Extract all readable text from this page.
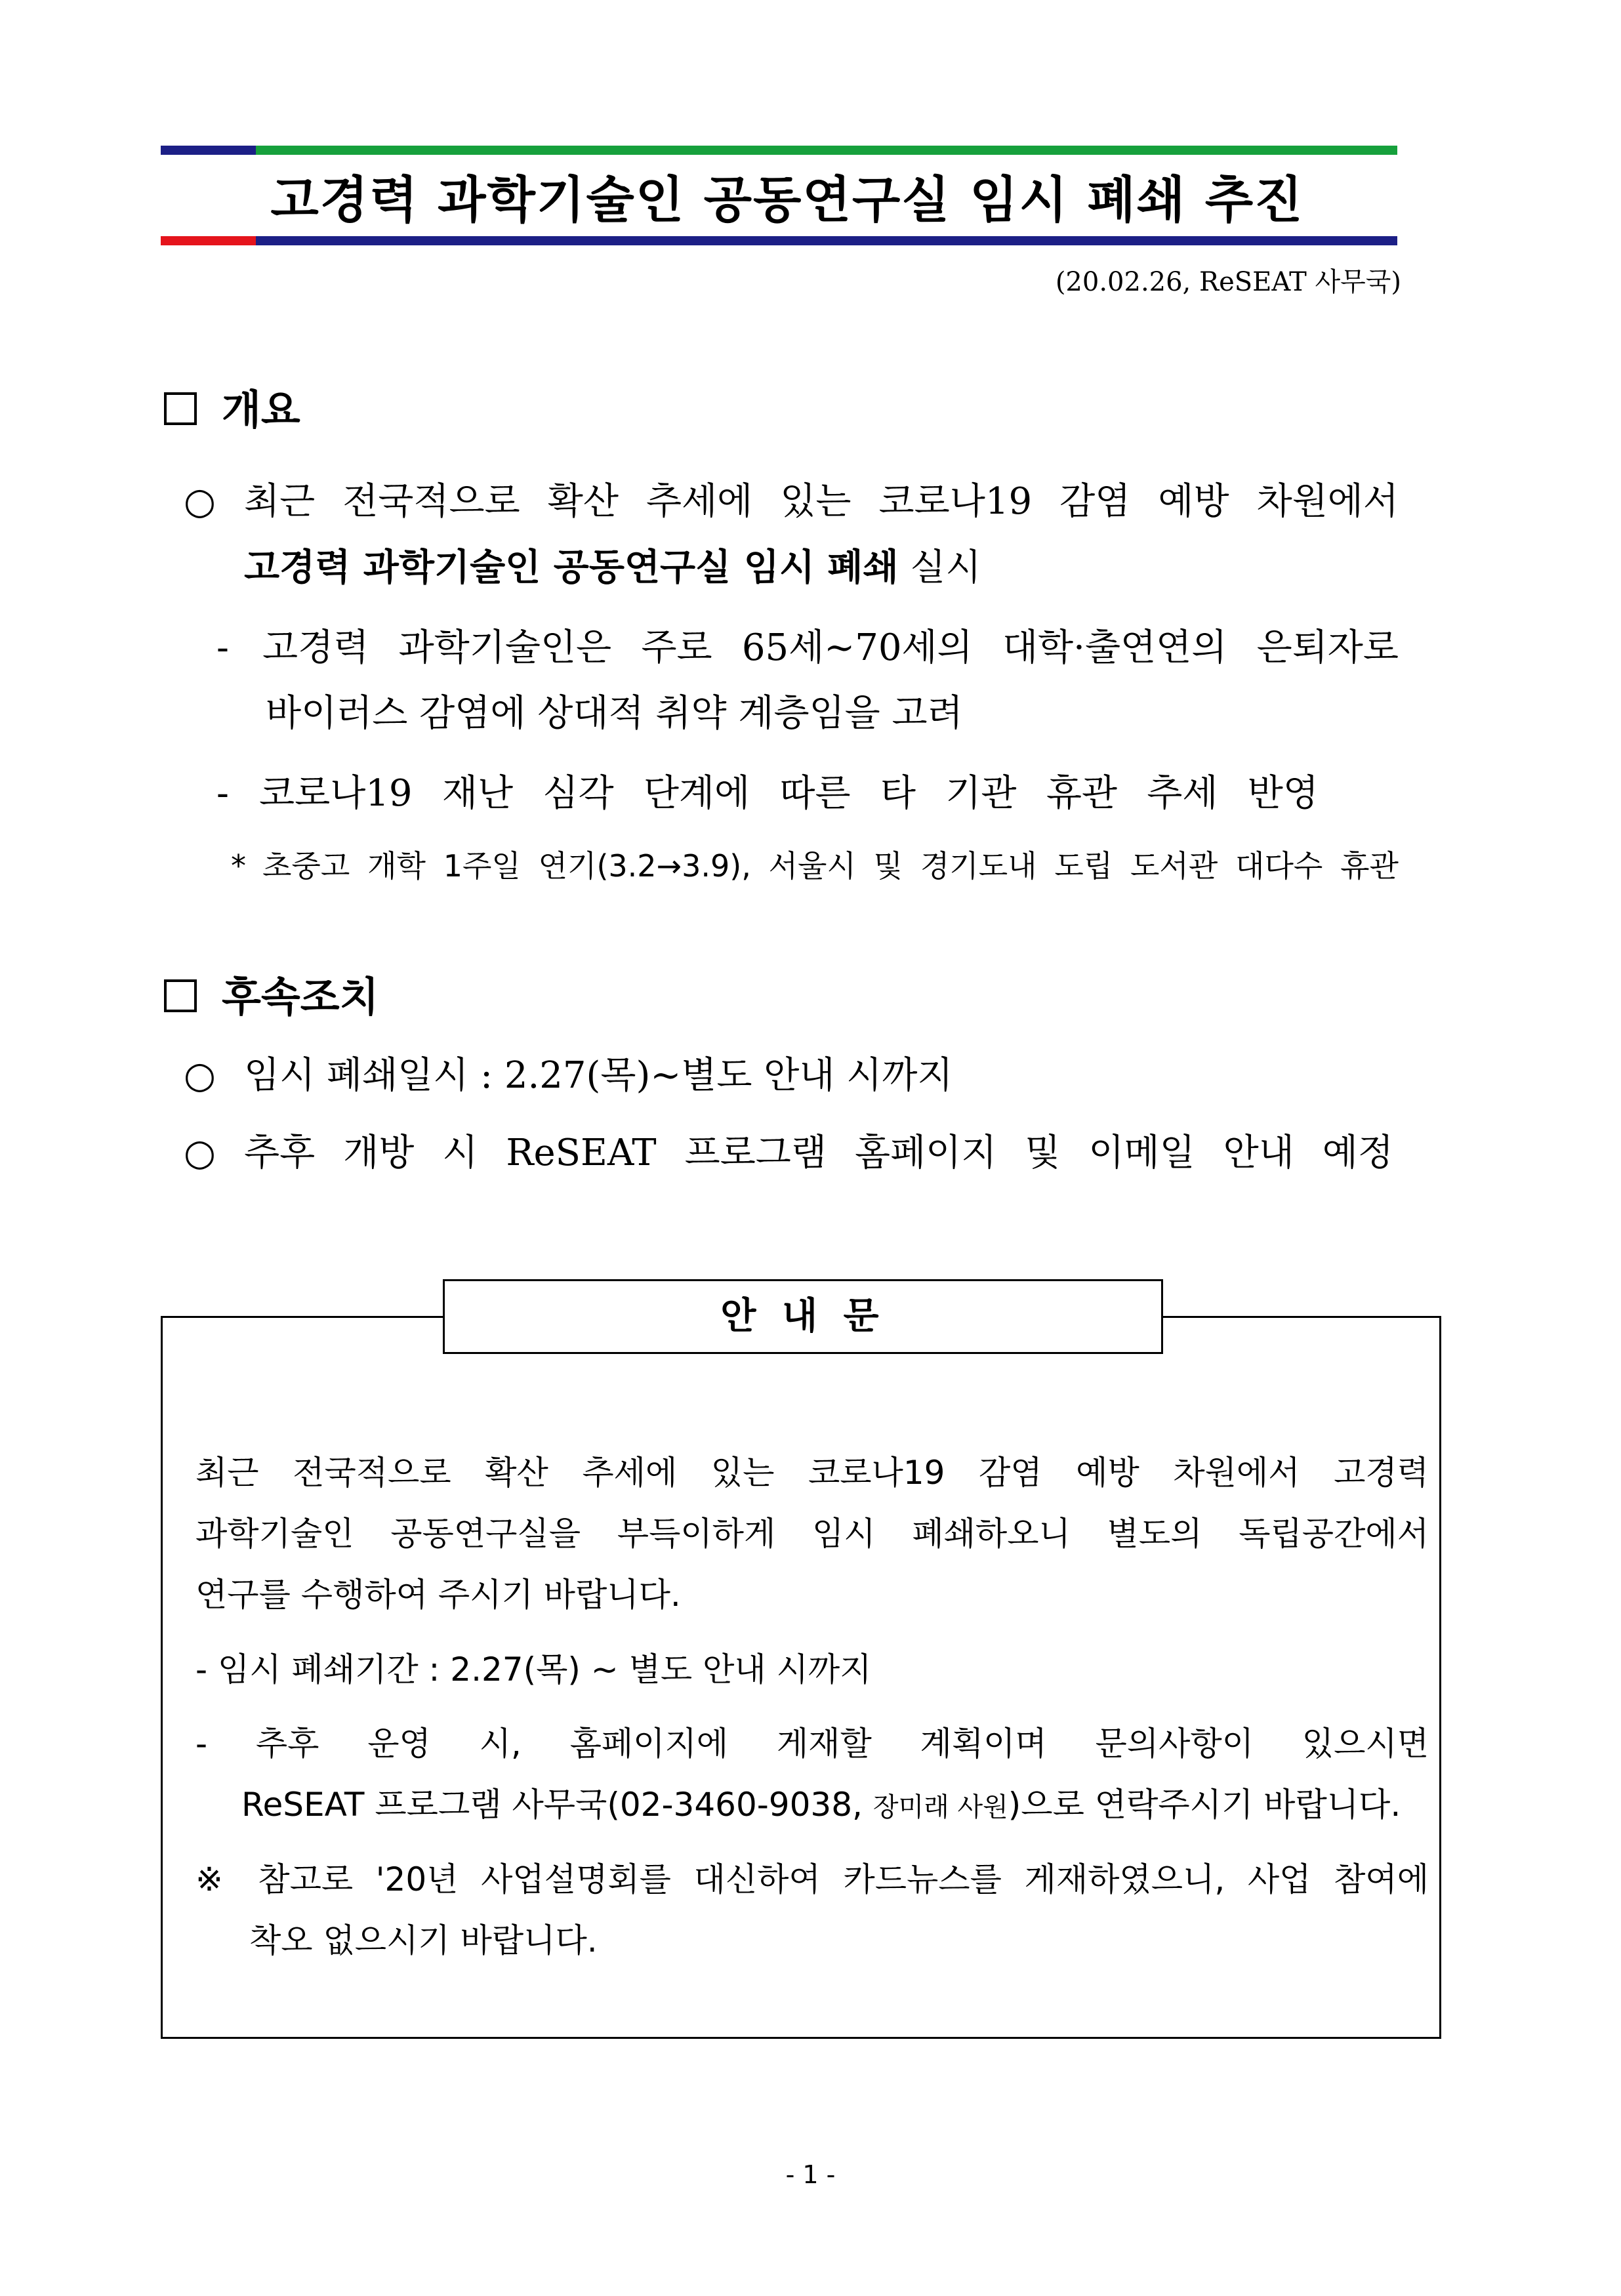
고경력 과학기술인 공동연구실 임시 폐쇄 추진
(20.02.26, ReSEAT 사무국)
개요
○ 최근 전국적으로 확산 추세에 있는 코로나19 감염 예방 차원에서
고경력 과학기술인 공동연구실 임시 폐쇄 실시
- 고경력 과학기술인은 주로 65세~70세의 대학·출연연의 은퇴자로
바이러스 감염에 상대적 취약 계층임을 고려
- 코로나19 재난 심각 단계에 따른 타 기관 휴관 추세 반영
* 초중고 개학 1주일 연기(3.2→3.9), 서울시 및 경기도내 도립 도서관 대다수 휴관
후속조치
○ 임시 폐쇄일시 : 2.27(목)~별도 안내 시까지
○ 추후 개방 시 ReSEAT 프로그램 홈페이지 및 이메일 안내 예정
안 내 문
최근 전국적으로 확산 추세에 있는 코로나19 감염 예방 차원에서 고경력
과학기술인 공동연구실을 부득이하게 임시 폐쇄하오니 별도의 독립공간에서
연구를 수행하여 주시기 바랍니다.
- 임시 폐쇄기간 : 2.27(목) ~ 별도 안내 시까지
- 추후 운영 시, 홈페이지에 게재할 계획이며 문의사항이 있으시면
ReSEAT 프로그램 사무국(02-3460-9038, 장미래 사원)으로 연락주시기 바랍니다.
※ 참고로 '20년 사업설명회를 대신하여 카드뉴스를 게재하였으니, 사업 참여에
착오 없으시기 바랍니다.
- 1 -
